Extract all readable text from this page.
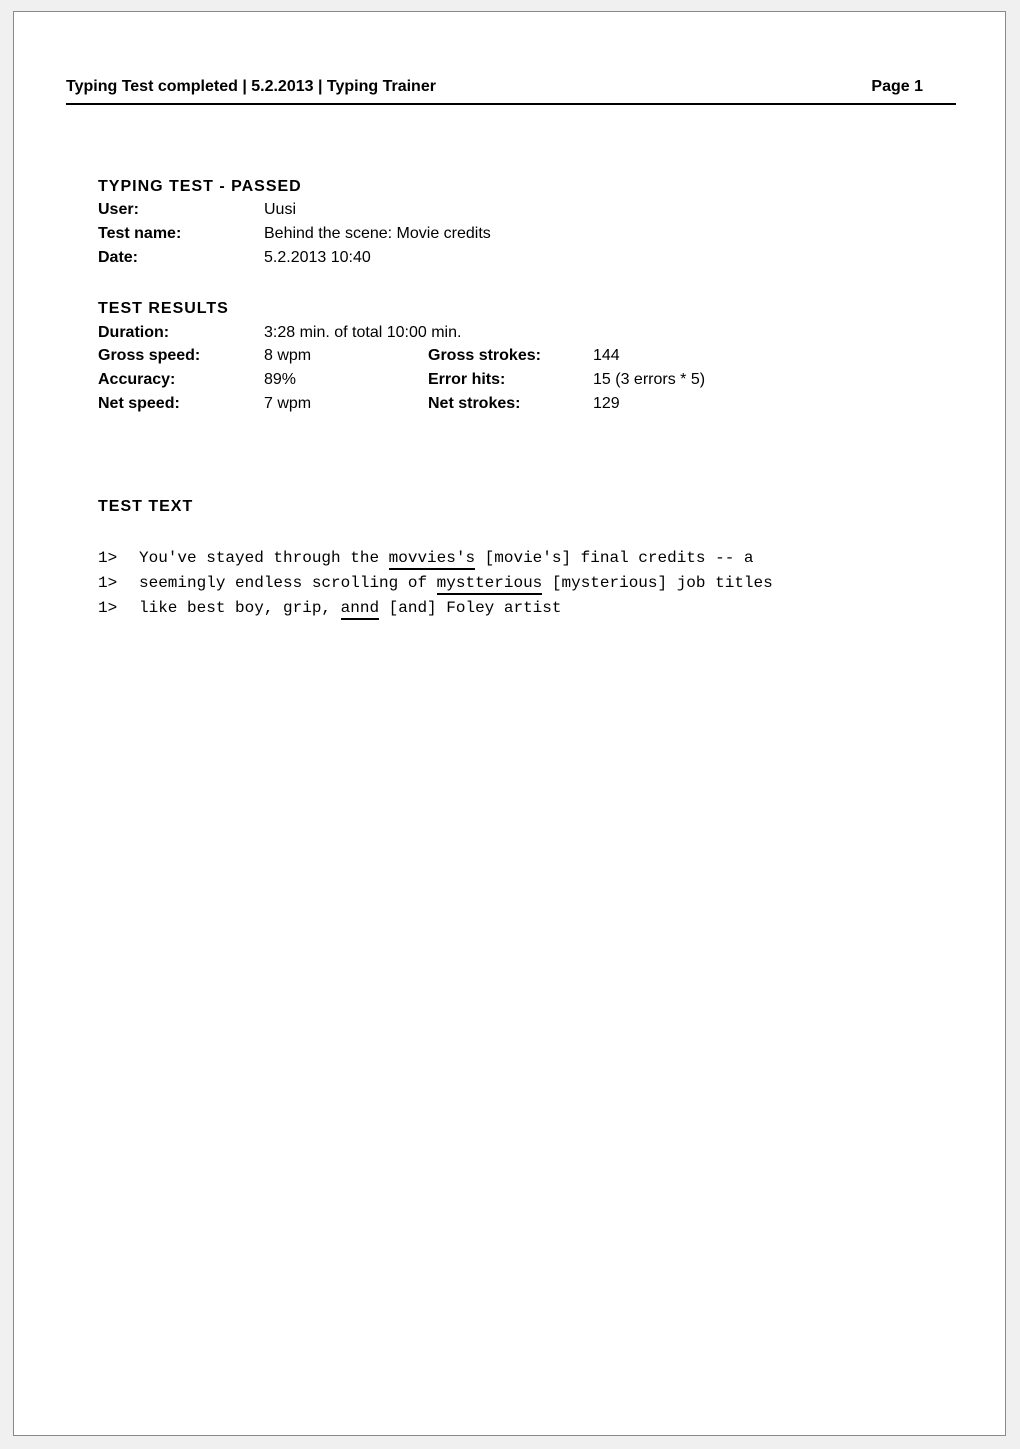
Typing Test completed | 5.2.2013 | Typing Trainer	Page 1
TYPING TEST - PASSED
User:	Uusi
Test name:	Behind the scene: Movie credits
Date:	5.2.2013 10:40
TEST RESULTS
Duration:	3:28 min. of total 10:00 min.
Gross speed:	8 wpm	Gross strokes:	144
Accuracy:	89%	Error hits:	15 (3 errors * 5)
Net speed:	7 wpm	Net strokes:	129
TEST TEXT
1> You've stayed through the movvies's [movie's] final credits -- a
1> seemingly endless scrolling of mystterious [mysterious] job titles
1> like best boy, grip, annd [and] Foley artist
